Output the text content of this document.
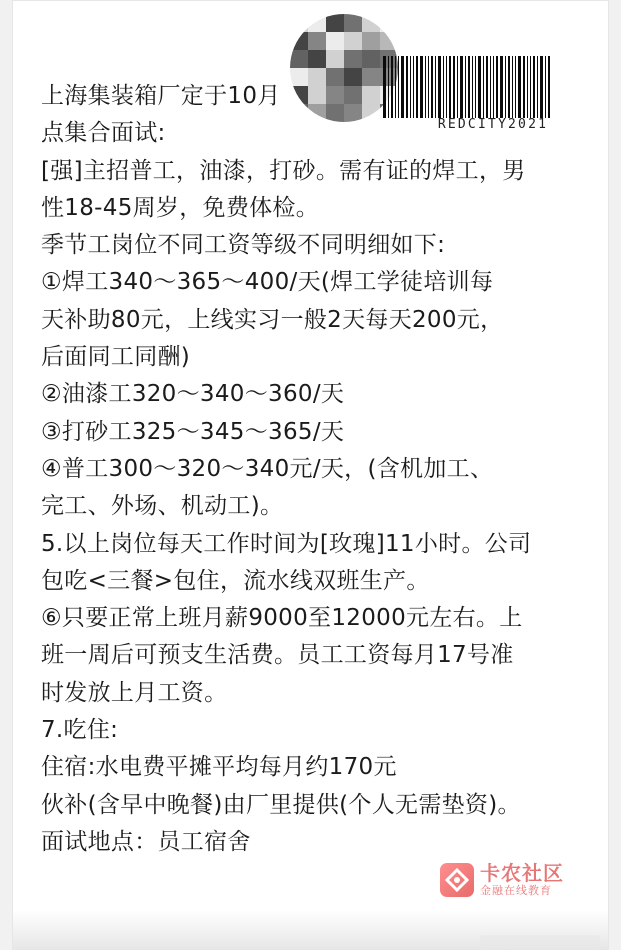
REDCITY2021
上海集装箱厂定于10月
点集合面试:
[强]主招普工，油漆，打砂。需有证的焊工，男
性18-45周岁，免费体检。
季节工岗位不同工资等级不同明细如下:
①焊工340～365～400/天(焊工学徒培训每
天补助80元，上线实习一般2天每天200元，
后面同工同酬)
②油漆工320～340～360/天
③打砂工325～345～365/天
④普工300～320～340元/天，(含机加工、
完工、外场、机动工)。
5.以上岗位每天工作时间为[玫瑰]11小时。公司
包吃<三餐>包住，流水线双班生产。
⑥只要正常上班月薪9000至12000元左右。上
班一周后可预支生活费。员工工资每月17号准
时发放上月工资。
7.吃住:
住宿:水电费平摊平均每月约170元
伙补(含早中晚餐)由厂里提供(个人无需垫资)。
面试地点：员工宿舍
卡农社区
金融在线教育
